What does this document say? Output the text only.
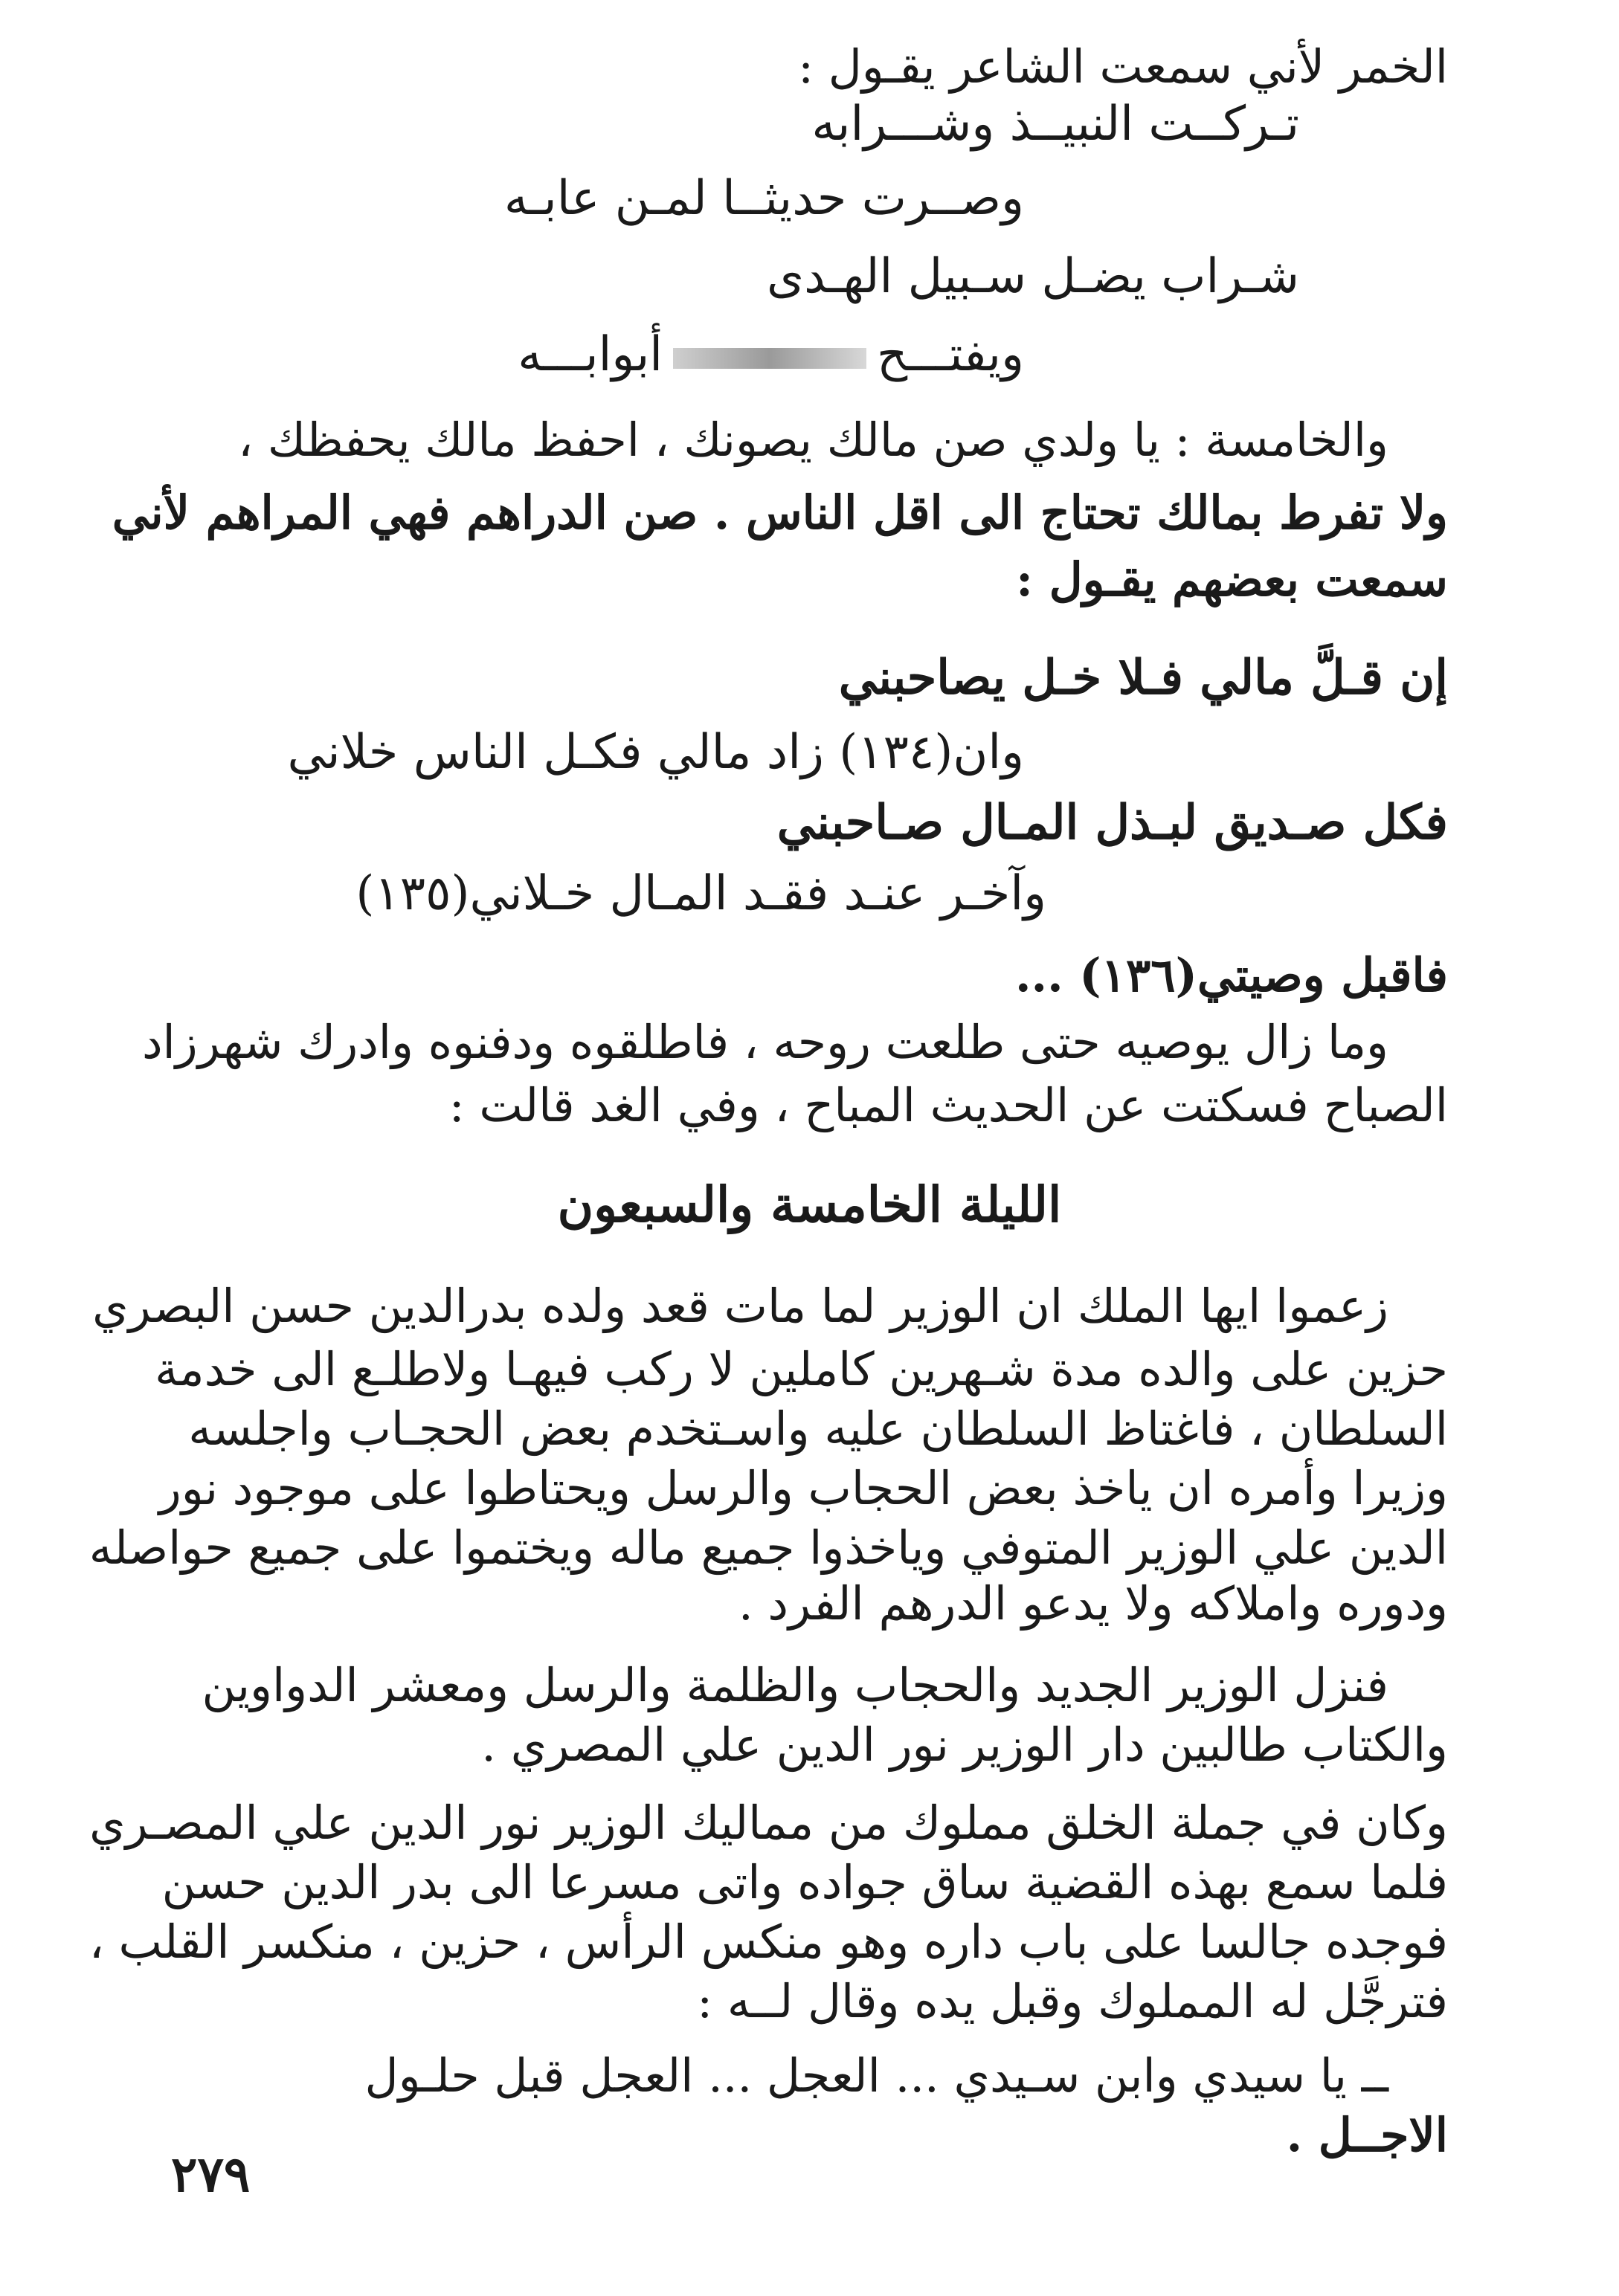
الخمر لأني سمعت الشاعر يقـول :
تـركــت النبيــذ وشـــرابه
وصــرت حديثــا لمـن عابـه
شـراب يضـل سـبيل الهـدى
ويفتـــحأبوابـــه
والخامسة : يا ولدي صن مالك يصونك ، احفظ مالك يحفظك ،
ولا تفرط بمالك تحتاج الى اقل الناس . صن الدراهم فهي المراهم لأني
سمعت بعضهم يقـول :
إن قـلَّ مالي فـلا خـل يصاحبني
وان(١٣٤) زاد مالي فكـل الناس خلاني
فكل صـديق لبـذل المـال صـاحبني
وآخـر عنـد فقـد المـال خـلاني(١٣٥)
فاقبل وصيتي(١٣٦) ...
وما زال يوصيه حتى طلعت روحه ، فاطلقوه ودفنوه وادرك شهرزاد
الصباح فسكتت عن الحديث المباح ، وفي الغد قالت :
الليلة الخامسة والسبعون
زعموا ايها الملك ان الوزير لما مات قعد ولده بدرالدين حسن البصري
حزين على والده مدة شـهرين كاملين لا ركب فيهـا ولاطلـع الى خدمة
السلطان ، فاغتاظ السلطان عليه واسـتخدم بعض الحجـاب واجلسه
وزيرا وأمره ان ياخذ بعض الحجاب والرسل ويحتاطوا على موجود نور
الدين علي الوزير المتوفي وياخذوا جميع ماله ويختموا على جميع حواصله
ودوره واملاكه ولا يدعو الدرهم الفرد .
فنزل الوزير الجديد والحجاب والظلمة والرسل ومعشر الدواوين
والكتاب طالبين دار الوزير نور الدين علي المصري .
وكان في جملة الخلق مملوك من مماليك الوزير نور الدين علي المصـري
فلما سمع بهذه القضية ساق جواده واتى مسرعا الى بدر الدين حسن
فوجده جالسا على باب داره وهو منكس الرأس ، حزين ، منكسر القلب ،
فترجَّل له المملوك وقبل يده وقال لــه :
ــ يا سيدي وابن سـيدي ... العجل ... العجل قبل حلـول
الاجــل .
٢٧٩
